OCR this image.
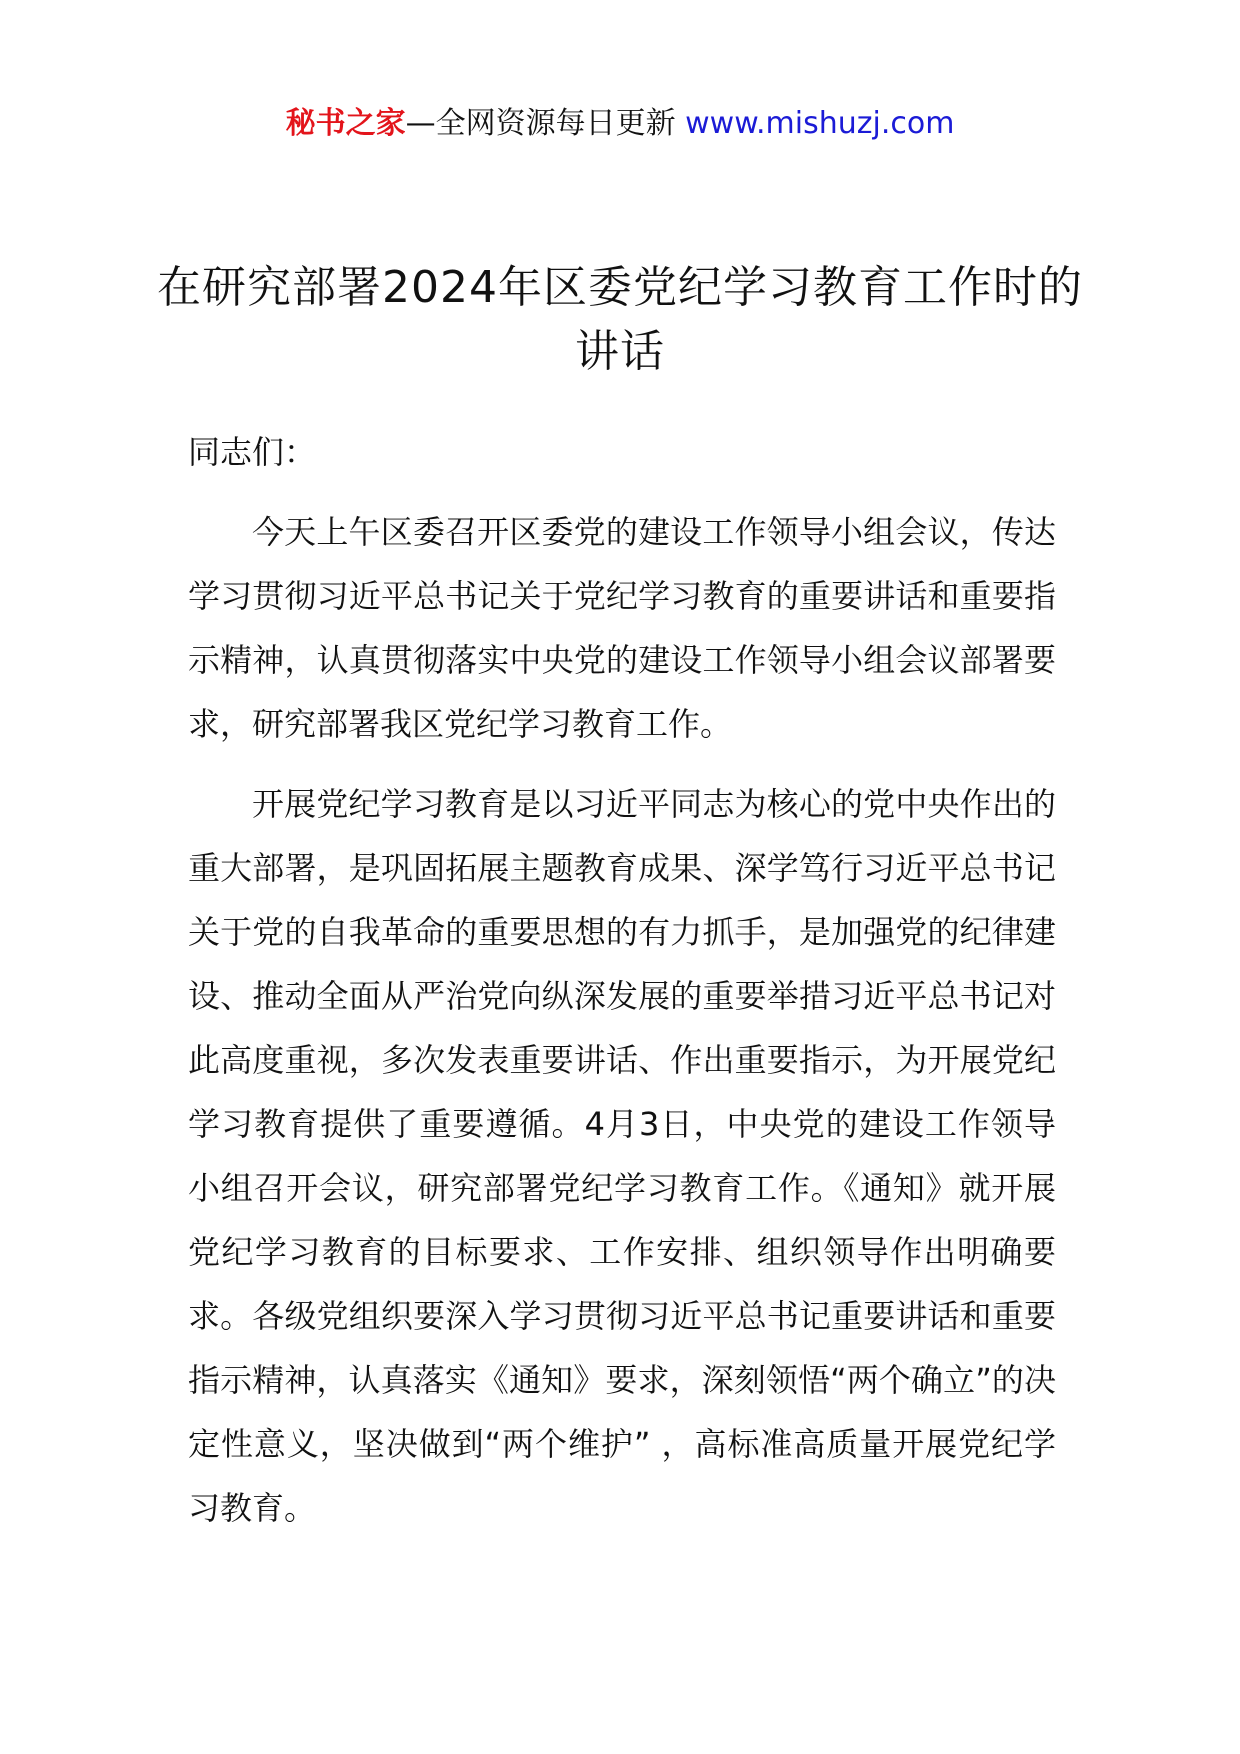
秘书之家—全网资源每日更新 www.mishuzj.com
在研究部署2024年区委党纪学习教育工作时的讲话

同志们：

今天上午区委召开区委党的建设工作领导小组会议，传达学习贯彻习近平总书记关于党纪学习教育的重要讲话和重要指示精神，认真贯彻落实中央党的建设工作领导小组会议部署要求，研究部署我区党纪学习教育工作。

开展党纪学习教育是以习近平同志为核心的党中央作出的重大部署，是巩固拓展主题教育成果、深学笃行习近平总书记关于党的自我革命的重要思想的有力抓手，是加强党的纪律建设、推动全面从严治党向纵深发展的重要举措习近平总书记对此高度重视，多次发表重要讲话、作出重要指示，为开展党纪学习教育提供了重要遵循。4月3日，中央党的建设工作领导小组召开会议，研究部署党纪学习教育工作。《通知》就开展党纪学习教育的目标要求、工作安排、组织领导作出明确要求。各级党组织要深入学习贯彻习近平总书记重要讲话和重要指示精神，认真落实《通知》要求，深刻领悟“两个确立”的决定性意义，坚决做到“两个维护” ，高标准高质量开展党纪学习教育。
